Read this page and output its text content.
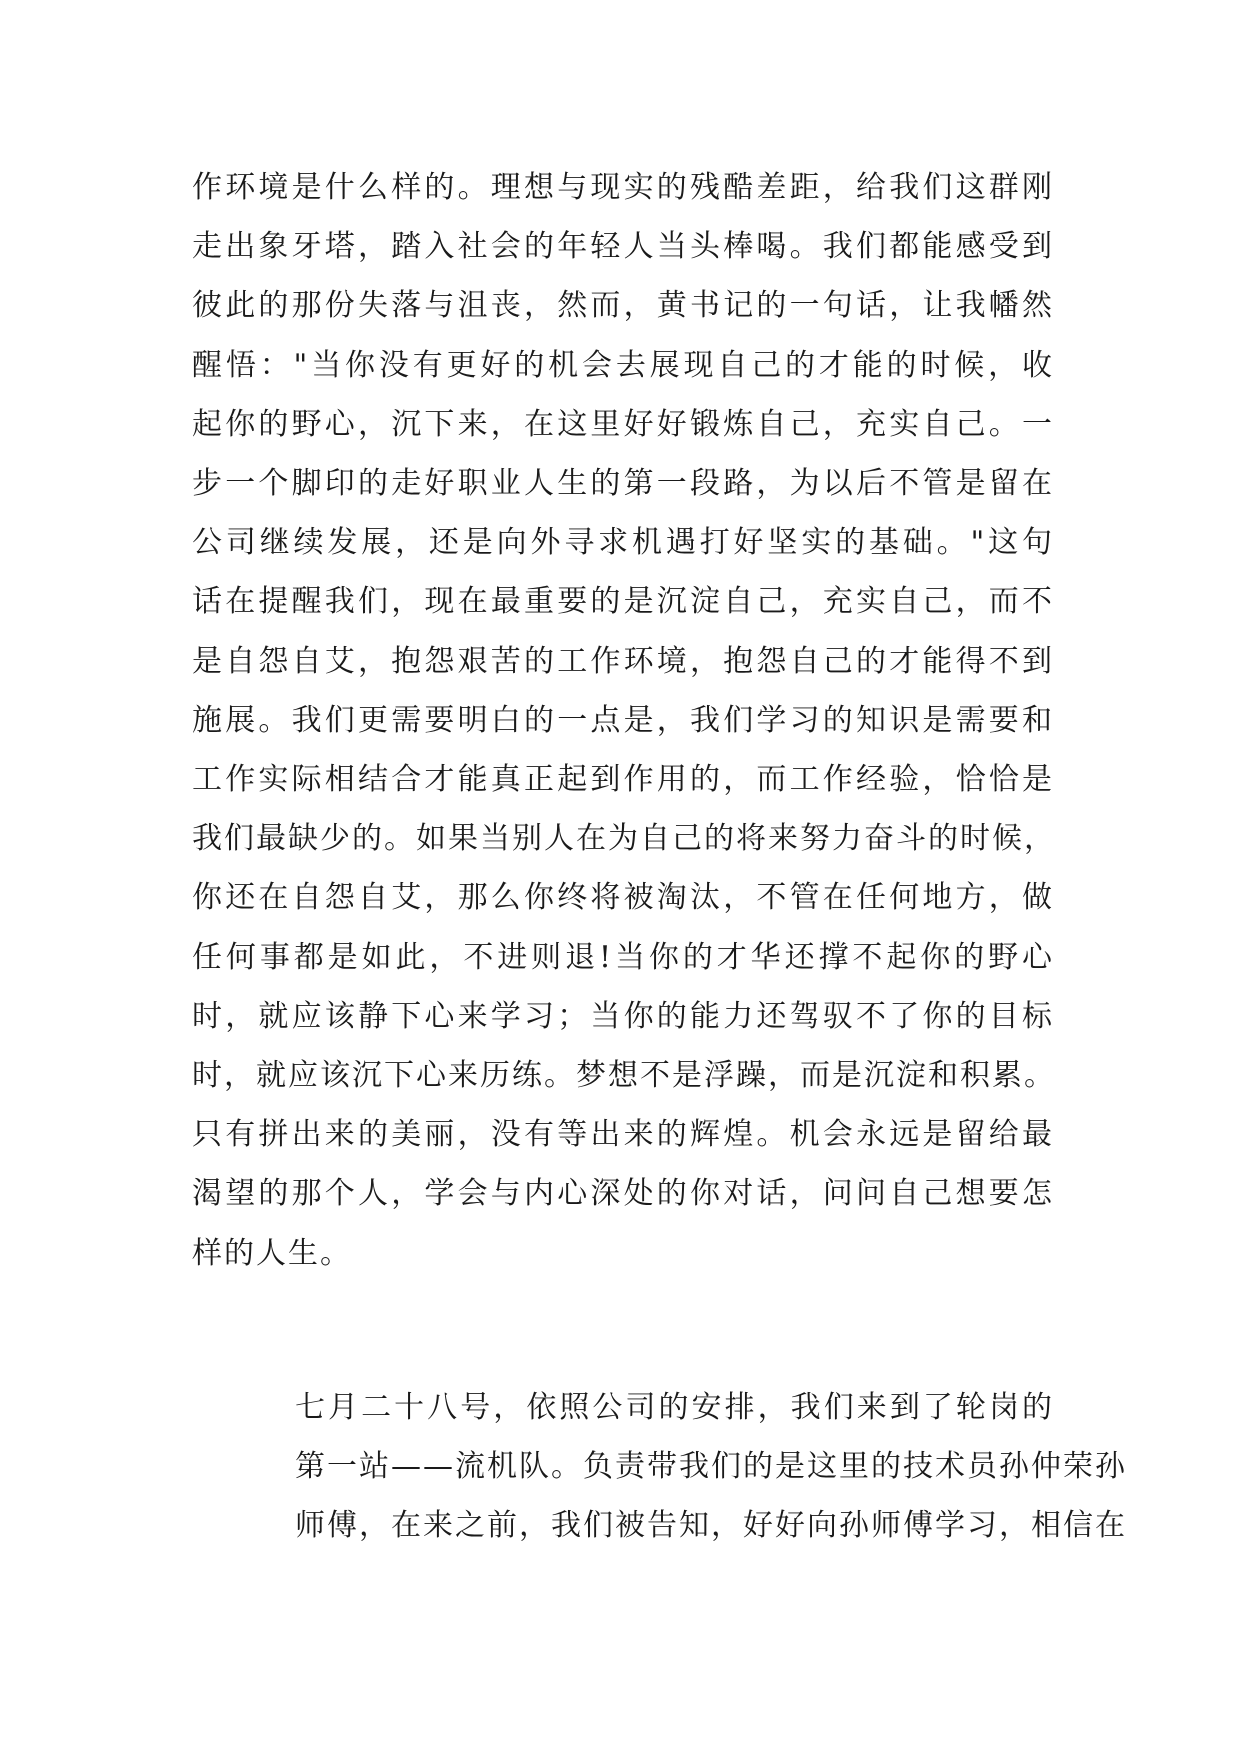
作环境是什么样的。理想与现实的残酷差距，给我们这群刚
走出象牙塔，踏入社会的年轻人当头棒喝。我们都能感受到
彼此的那份失落与沮丧，然而，黄书记的一句话，让我幡然
醒悟："当你没有更好的机会去展现自己的才能的时候，收
起你的野心，沉下来，在这里好好锻炼自己，充实自己。一
步一个脚印的走好职业人生的第一段路，为以后不管是留在
公司继续发展，还是向外寻求机遇打好坚实的基础。"这句
话在提醒我们，现在最重要的是沉淀自己，充实自己，而不
是自怨自艾，抱怨艰苦的工作环境，抱怨自己的才能得不到
施展。我们更需要明白的一点是，我们学习的知识是需要和
工作实际相结合才能真正起到作用的，而工作经验，恰恰是
我们最缺少的。如果当别人在为自己的将来努力奋斗的时候，
你还在自怨自艾，那么你终将被淘汰，不管在任何地方，做
任何事都是如此，不进则退!当你的才华还撑不起你的野心
时，就应该静下心来学习；当你的能力还驾驭不了你的目标
时，就应该沉下心来历练。梦想不是浮躁，而是沉淀和积累。
只有拼出来的美丽，没有等出来的辉煌。机会永远是留给最
渴望的那个人，学会与内心深处的你对话，问问自己想要怎
样的人生。
七月二十八号，依照公司的安排，我们来到了轮岗的
第一站——流机队。负责带我们的是这里的技术员孙仲荣孙
师傅，在来之前，我们被告知，好好向孙师傅学习，相信在
